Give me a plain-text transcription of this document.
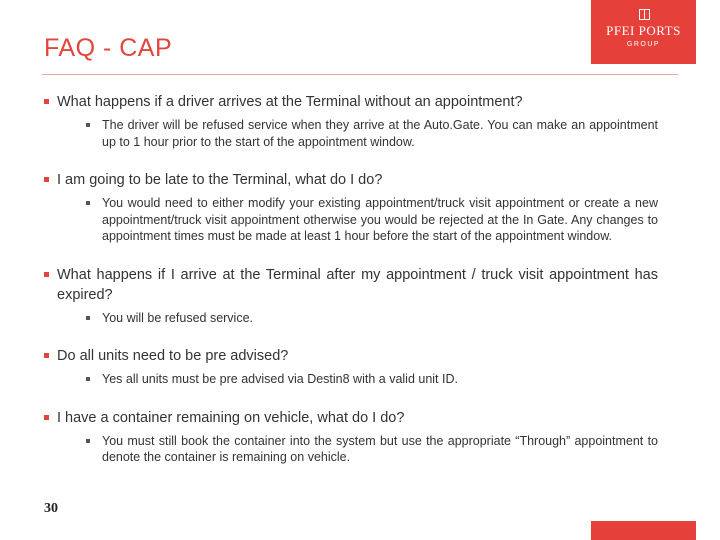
FAQ - CAP
PFEI PORTS
GROUP
What happens if a driver arrives at the Terminal without an appointment?
The driver will be refused service when they arrive at the Auto.Gate. You can make an appointment up to 1 hour prior to the start of the appointment window.
I am going to be late to the Terminal, what do I do?
You would need to either modify your existing appointment/truck visit appointment or create a new appointment/truck visit appointment otherwise you would be rejected at the In Gate. Any changes to appointment times must be made at least 1 hour before the start of the appointment window.
What happens if I arrive at the Terminal after my appointment / truck visit appointment has expired?
You will be refused service.
Do all units need to be pre advised?
Yes all units must be pre advised via Destin8 with a valid unit ID.
I have a container remaining on vehicle, what do I do?
You must still book the container into the system but use the appropriate “Through” appointment to denote the container is remaining on vehicle.
30
